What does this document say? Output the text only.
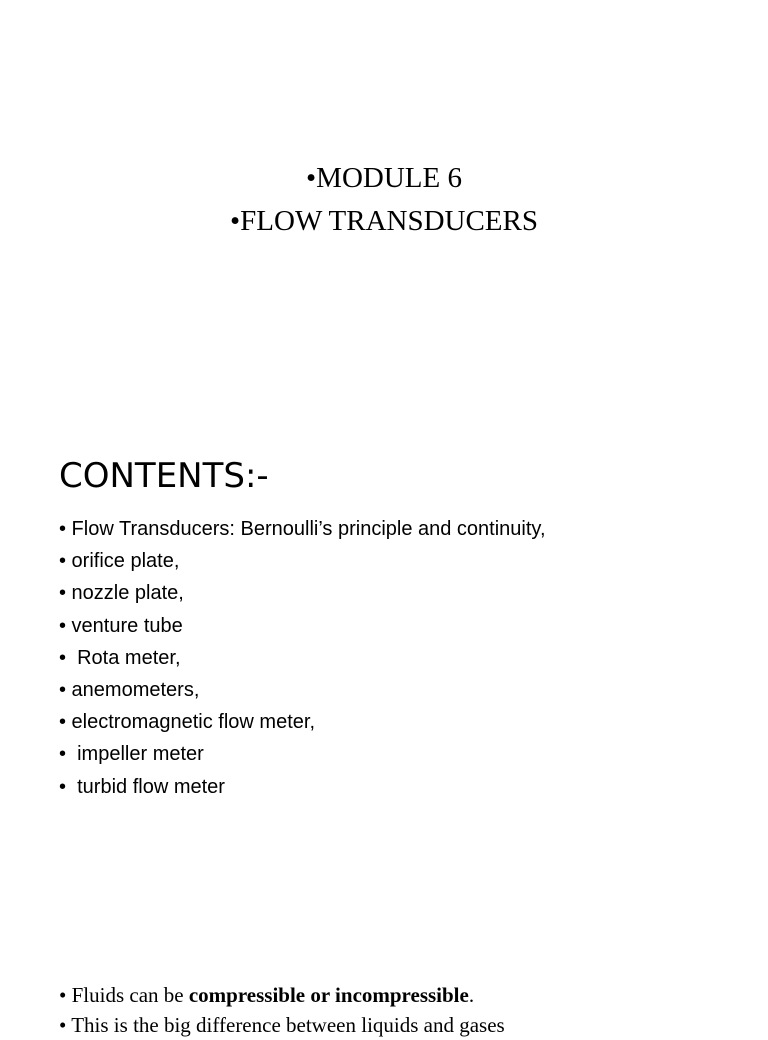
•MODULE 6
•FLOW TRANSDUCERS
CONTENTS:-
• Flow Transducers: Bernoulli’s principle and continuity,
• orifice plate,
• nozzle plate,
• venture tube
•  Rota meter,
• anemometers,
• electromagnetic flow meter,
•  impeller meter
•  turbid flow meter
• Fluids can be compressible or incompressible.
• This is the big difference between liquids and gases
